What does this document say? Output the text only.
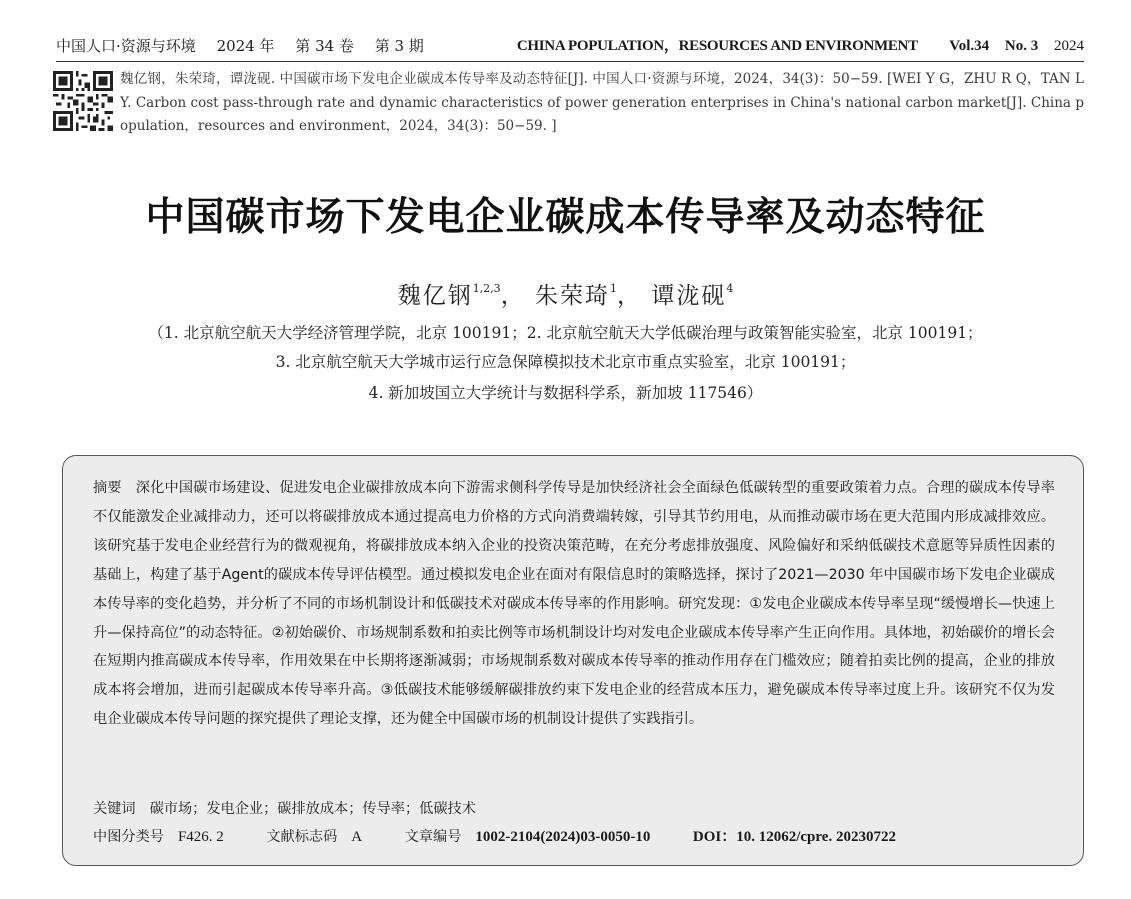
中国人口·资源与环境 2024 年 第 34 卷 第 3 期	CHINA POPULATION，RESOURCES AND ENVIRONMENT Vol.34 No. 3 2024
魏亿钢，朱荣琦，谭泷砚. 中国碳市场下发电企业碳成本传导率及动态特征[J]. 中国人口·资源与环境，2024，34(3)：50−59. [WEI Y G，ZHU R Q，TAN L Y. Carbon cost pass-through rate and dynamic characteristics of power generation enterprises in China's national carbon market[J]. China population，resources and environment，2024，34(3)：50−59. ]
中国碳市场下发电企业碳成本传导率及动态特征
魏亿钢$^{1,2,3}$， 朱荣琦$^1$， 谭泷砚$^4$
（1. 北京航空航天大学经济管理学院，北京 100191；2. 北京航空航天大学低碳治理与政策智能实验室，北京 100191；
3. 北京航空航天大学城市运行应急保障模拟技术北京市重点实验室，北京 100191；
4. 新加坡国立大学统计与数据科学系，新加坡 117546）
摘要 深化中国碳市场建设、促进发电企业碳排放成本向下游需求侧科学传导是加快经济社会全面绿色低碳转型的重要政策着力点。合理的碳成本传导率不仅能激发企业减排动力，还可以将碳排放成本通过提高电力价格的方式向消费端转嫁，引导其节约用电，从而推动碳市场在更大范围内形成减排效应。该研究基于发电企业经营行为的微观视角，将碳排放成本纳入企业的投资决策范畴，在充分考虑排放强度、风险偏好和采纳低碳技术意愿等异质性因素的基础上，构建了基于Agent的碳成本传导评估模型。通过模拟发电企业在面对有限信息时的策略选择，探讨了2021—2030 年中国碳市场下发电企业碳成本传导率的变化趋势，并分析了不同的市场机制设计和低碳技术对碳成本传导率的作用影响。研究发现：①发电企业碳成本传导率呈现“缓慢增长—快速上升—保持高位”的动态特征。②初始碳价、市场规制系数和拍卖比例等市场机制设计均对发电企业碳成本传导率产生正向作用。具体地，初始碳价的增长会在短期内推高碳成本传导率，作用效果在中长期将逐渐减弱；市场规制系数对碳成本传导率的推动作用存在门槛效应；随着拍卖比例的提高，企业的排放成本将会增加，进而引起碳成本传导率升高。③低碳技术能够缓解碳排放约束下发电企业的经营成本压力，避免碳成本传导率过度上升。该研究不仅为发电企业碳成本传导问题的探究提供了理论支撑，还为健全中国碳市场的机制设计提供了实践指引。
关键词 碳市场；发电企业；碳排放成本；传导率；低碳技术
中图分类号 F426. 2	文献标志码 A	文章编号 1002-2104(2024)03-0050-10	DOI：10. 12062/cpre. 20230722
